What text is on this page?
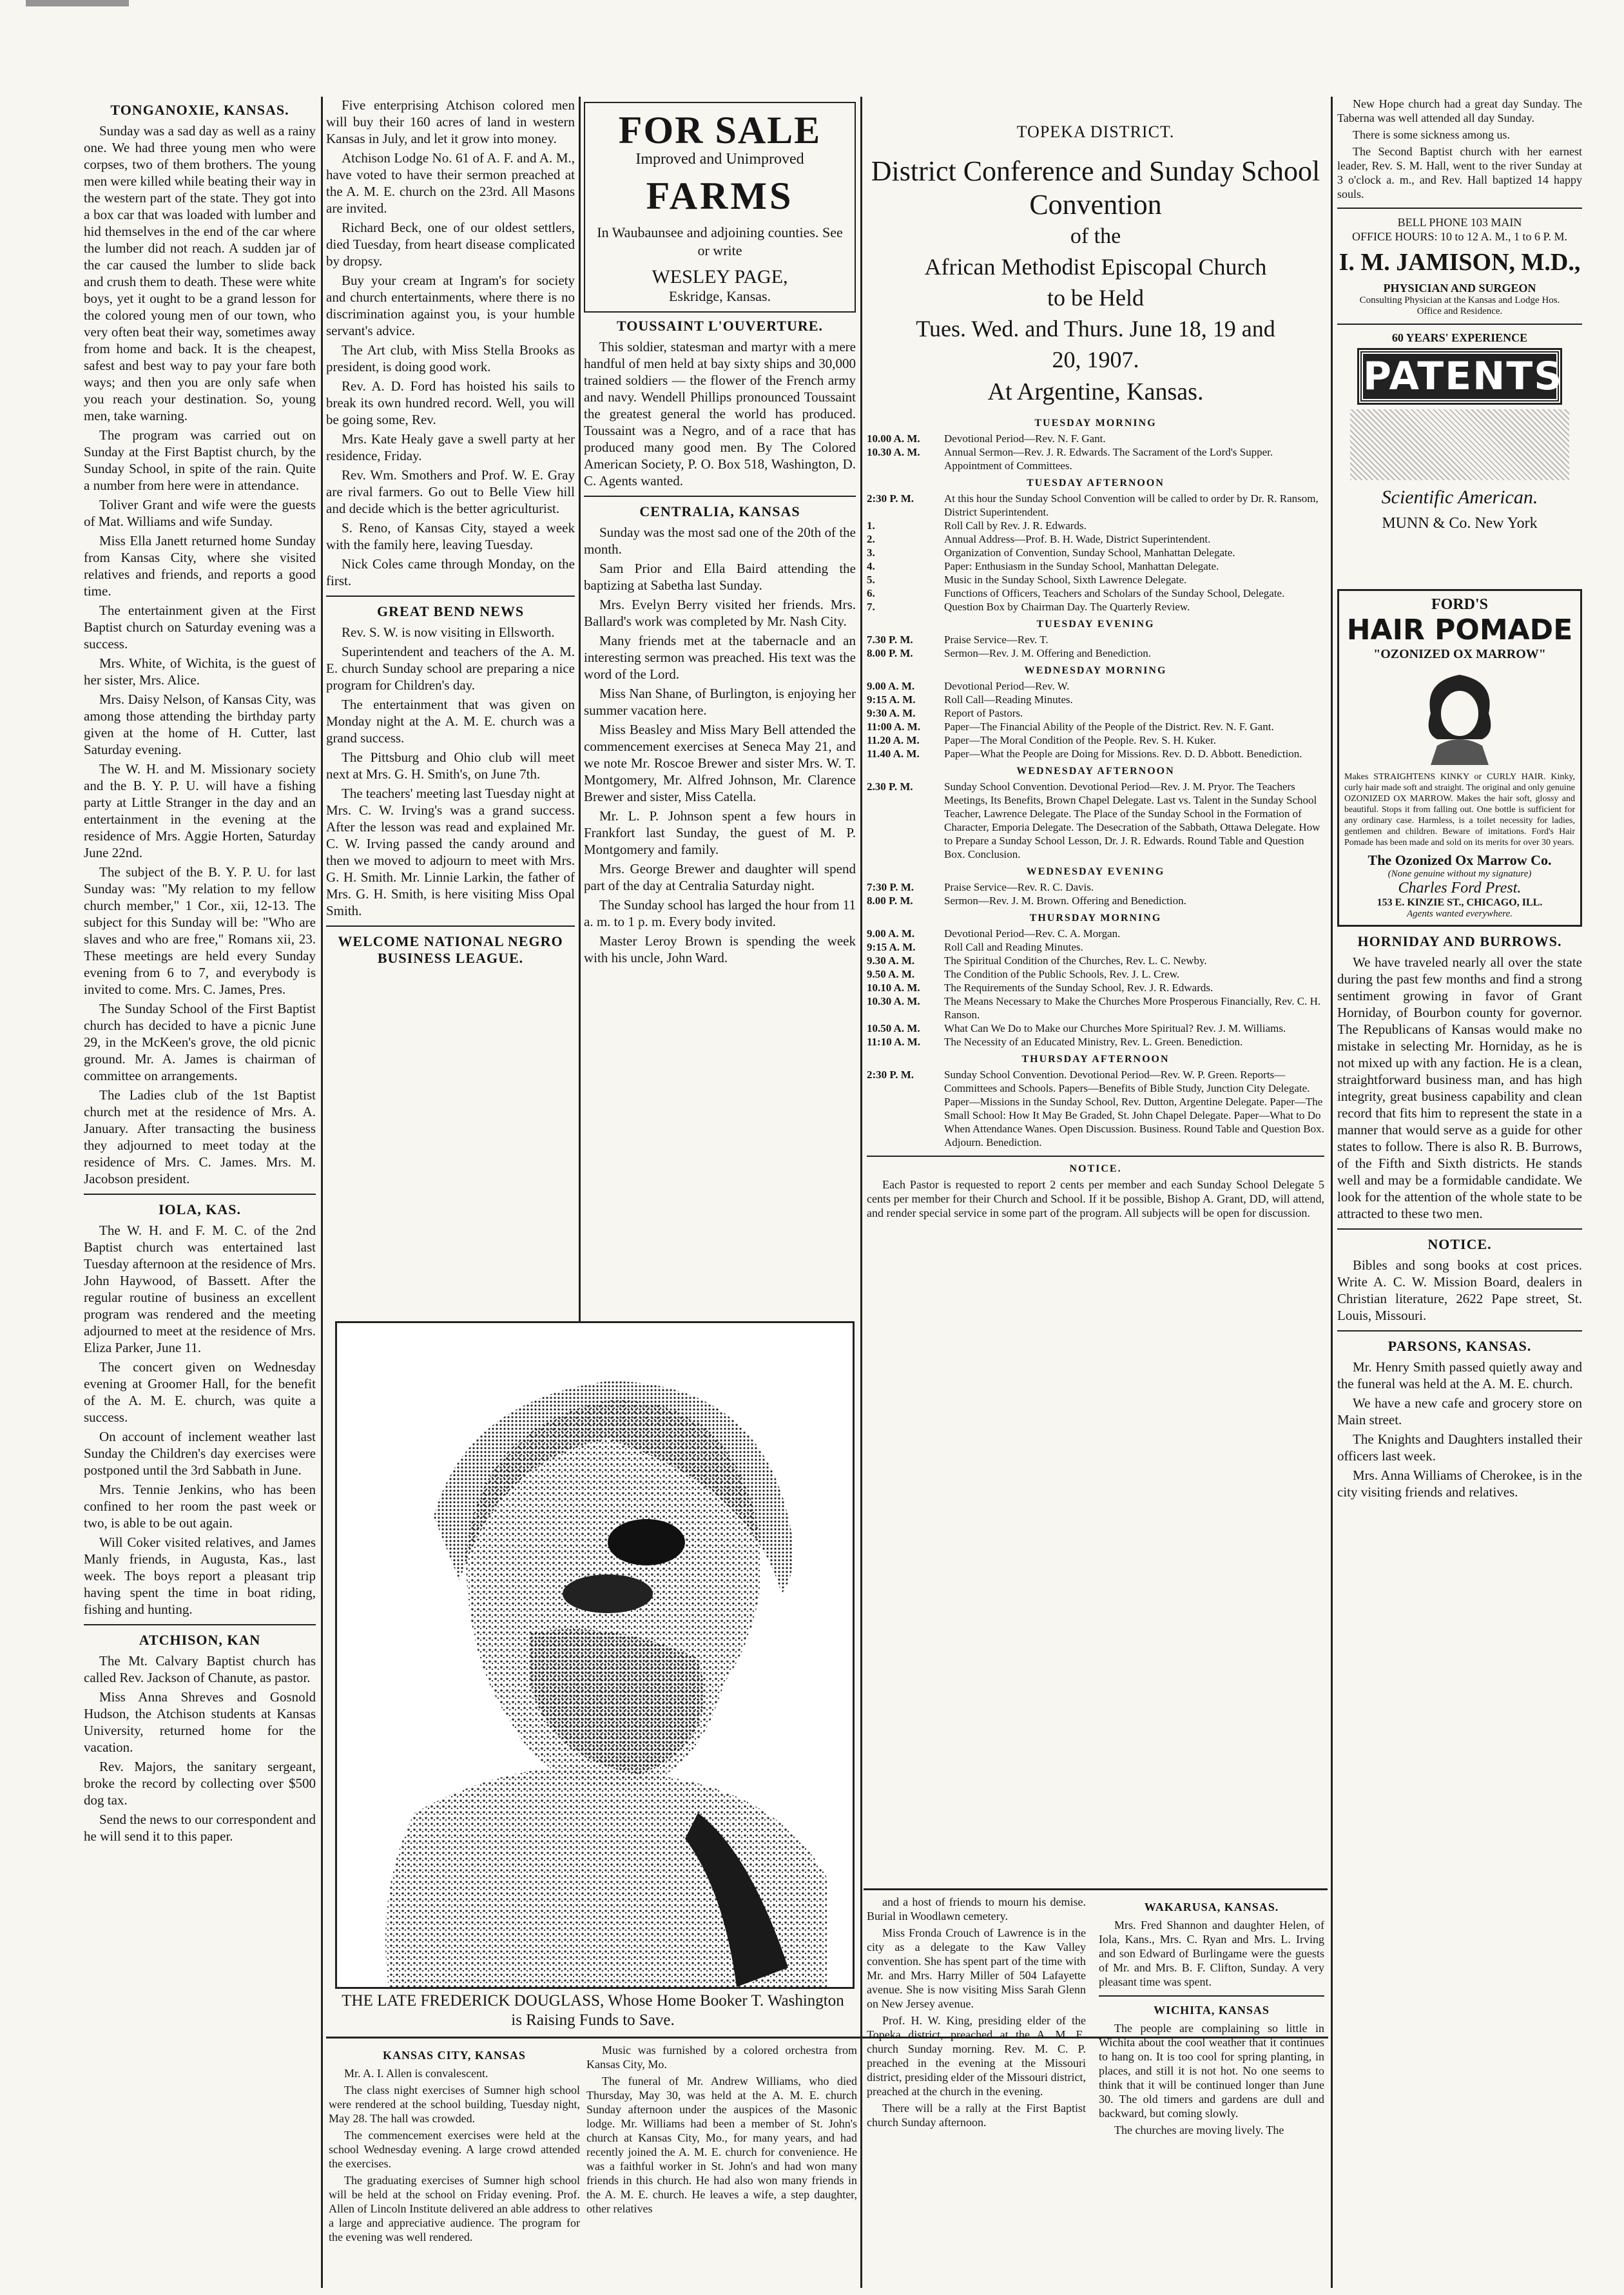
TONGANOXIE, KANSAS.
Sunday was a sad day as well as a rainy one. We had three young men who were corpses, two of them brothers. The young men were killed while beating their way in the western part of the state. They got into a box car that was loaded with lumber and hid themselves in the end of the car where the lumber did not reach. A sudden jar of the car caused the lumber to slide back and crush them to death. These were white boys, yet it ought to be a grand lesson for the colored young men of our town, who very often beat their way, sometimes away from home and back. It is the cheapest, safest and best way to pay your fare both ways; and then you are only safe when you reach your destination. So, young men, take warning.
The program was carried out on Sunday at the First Baptist church, by the Sunday School, in spite of the rain. Quite a number from here were in attendance.
Toliver Grant and wife were the guests of Mat. Williams and wife Sunday.
Miss Ella Janett returned home Sunday from Kansas City, where she visited relatives and friends, and reports a good time.
The entertainment given at the First Baptist church on Saturday evening was a success.
Mrs. White, of Wichita, is the guest of her sister, Mrs. Alice.
Mrs. Daisy Nelson, of Kansas City, was among those attending the birthday party given at the home of H. Cutter, last Saturday evening.
The W. H. and M. Missionary society and the B. Y. P. U. will have a fishing party at Little Stranger in the day and an entertainment in the evening at the residence of Mrs. Aggie Horten, Saturday June 22nd.
The subject of the B. Y. P. U. for last Sunday was: "My relation to my fellow church member," 1 Cor., xii, 12-13. The subject for this Sunday will be: "Who are slaves and who are free," Romans xii, 23. These meetings are held every Sunday evening from 6 to 7, and everybody is invited to come. Mrs. C. James, Pres.
The Sunday School of the First Baptist church has decided to have a picnic June 29, in the McKeen's grove, the old picnic ground. Mr. A. James is chairman of committee on arrangements.
The Ladies club of the 1st Baptist church met at the residence of Mrs. A. January. After transacting the business they adjourned to meet today at the residence of Mrs. C. James. Mrs. M. Jacobson president.
IOLA, KAS.
The W. H. and F. M. C. of the 2nd Baptist church was entertained last Tuesday afternoon at the residence of Mrs. John Haywood, of Bassett. After the regular routine of business an excellent program was rendered and the meeting adjourned to meet at the residence of Mrs. Eliza Parker, June 11.
The concert given on Wednesday evening at Groomer Hall, for the benefit of the A. M. E. church, was quite a success.
On account of inclement weather last Sunday the Children's day exercises were postponed until the 3rd Sabbath in June.
Mrs. Tennie Jenkins, who has been confined to her room the past week or two, is able to be out again.
Will Coker visited relatives, and James Manly friends, in Augusta, Kas., last week. The boys report a pleasant trip having spent the time in boat riding, fishing and hunting.
ATCHISON, KAN
The Mt. Calvary Baptist church has called Rev. Jackson of Chanute, as pastor.
Miss Anna Shreves and Gosnold Hudson, the Atchison students at Kansas University, returned home for the vacation.
Rev. Majors, the sanitary sergeant, broke the record by collecting over $500 dog tax.
Send the news to our correspondent and he will send it to this paper.
Five enterprising Atchison colored men will buy their 160 acres of land in western Kansas in July, and let it grow into money.
Atchison Lodge No. 61 of A. F. and A. M., have voted to have their sermon preached at the A. M. E. church on the 23rd. All Masons are invited.
Richard Beck, one of our oldest settlers, died Tuesday, from heart disease complicated by dropsy.
Buy your cream at Ingram's for society and church entertainments, where there is no discrimination against you, is your humble servant's advice.
The Art club, with Miss Stella Brooks as president, is doing good work.
Rev. A. D. Ford has hoisted his sails to break its own hundred record. Well, you will be going some, Rev.
Mrs. Kate Healy gave a swell party at her residence, Friday.
Rev. Wm. Smothers and Prof. W. E. Gray are rival farmers. Go out to Belle View hill and decide which is the better agriculturist.
S. Reno, of Kansas City, stayed a week with the family here, leaving Tuesday.
Nick Coles came through Monday, on the first.
GREAT BEND NEWS
Rev. S. W. is now visiting in Ellsworth.
Superintendent and teachers of the A. M. E. church Sunday school are preparing a nice program for Children's day.
The entertainment that was given on Monday night at the A. M. E. church was a grand success.
The Pittsburg and Ohio club will meet next at Mrs. G. H. Smith's, on June 7th.
The teachers' meeting last Tuesday night at Mrs. C. W. Irving's was a grand success. After the lesson was read and explained Mr. C. W. Irving passed the candy around and then we moved to adjourn to meet with Mrs. G. H. Smith. Mr. Linnie Larkin, the father of Mrs. G. H. Smith, is here visiting Miss Opal Smith.
WELCOME NATIONAL NEGRO BUSINESS LEAGUE.
FOR SALE
Improved and Unimproved
FARMS
In Waubaunsee and adjoining counties. See or write
WESLEY PAGE,
Eskridge, Kansas.
TOUSSAINT L'OUVERTURE.
This soldier, statesman and martyr with a mere handful of men held at bay sixty ships and 30,000 trained soldiers — the flower of the French army and navy. Wendell Phillips pronounced Toussaint the greatest general the world has produced. Toussaint was a Negro, and of a race that has produced many good men. By The Colored American Society, P. O. Box 518, Washington, D. C. Agents wanted.
CENTRALIA, KANSAS
Sunday was the most sad one of the 20th of the month.
Sam Prior and Ella Baird attending the baptizing at Sabetha last Sunday.
Mrs. Evelyn Berry visited her friends. Mrs. Ballard's work was completed by Mr. Nash City.
Many friends met at the tabernacle and an interesting sermon was preached. His text was the word of the Lord.
Miss Nan Shane, of Burlington, is enjoying her summer vacation here.
Miss Beasley and Miss Mary Bell attended the commencement exercises at Seneca May 21, and we note Mr. Roscoe Brewer and sister Mrs. W. T. Montgomery, Mr. Alfred Johnson, Mr. Clarence Brewer and sister, Miss Catella.
Mr. L. P. Johnson spent a few hours in Frankfort last Sunday, the guest of M. P. Montgomery and family.
Mrs. George Brewer and daughter will spend part of the day at Centralia Saturday night.
The Sunday school has larged the hour from 11 a. m. to 1 p. m. Every body invited.
Master Leroy Brown is spending the week with his uncle, John Ward.
THE LATE FREDERICK DOUGLASS, Whose Home Booker T. Washington is Raising Funds to Save.
KANSAS CITY, KANSAS
Mr. A. I. Allen is convalescent.
The class night exercises of Sumner high school were rendered at the school building, Tuesday night, May 28. The hall was crowded.
The commencement exercises were held at the school Wednesday evening. A large crowd attended the exercises.
The graduating exercises of Sumner high school will be held at the school on Friday evening. Prof. Allen of Lincoln Institute delivered an able address to a large and appreciative audience. The program for the evening was well rendered.
Music was furnished by a colored orchestra from Kansas City, Mo.
The funeral of Mr. Andrew Williams, who died Thursday, May 30, was held at the A. M. E. church Sunday afternoon under the auspices of the Masonic lodge. Mr. Williams had been a member of St. John's church at Kansas City, Mo., for many years, and had recently joined the A. M. E. church for convenience. He was a faithful worker in St. John's and had won many friends in this church. He had also won many friends in the A. M. E. church. He leaves a wife, a step daughter, other relatives
TOPEKA DISTRICT.
District Conference and Sunday School Convention
of the
African Methodist Episcopal Church
to be Held
Tues. Wed. and Thurs. June 18, 19 and 20, 1907.
At Argentine, Kansas.
TUESDAY MORNING
10.00 A. M.	Devotional Period—Rev. N. F. Gant.
10.30 A. M.	Annual Sermon—Rev. J. R. Edwards. The Sacrament of the Lord's Supper. Appointment of Committees.
TUESDAY AFTERNOON
2:30 P. M.	At this hour the Sunday School Convention will be called to order by Dr. R. Ransom, District Superintendent.
1.	Roll Call by Rev. J. R. Edwards.
2.	Annual Address—Prof. B. H. Wade, District Superintendent.
3.	Organization of Convention, Sunday School, Manhattan Delegate.
4.	Paper: Enthusiasm in the Sunday School, Manhattan Delegate.
5.	Music in the Sunday School, Sixth Lawrence Delegate.
6.	Functions of Officers, Teachers and Scholars of the Sunday School, Delegate.
7.	Question Box by Chairman Day. The Quarterly Review.
TUESDAY EVENING
7.30 P. M.	Praise Service—Rev. T.
8.00 P. M.	Sermon—Rev. J. M. Offering and Benediction.
WEDNESDAY MORNING
9.00 A. M.	Devotional Period—Rev. W.
9:15 A. M.	Roll Call—Reading Minutes.
9:30 A. M.	Report of Pastors.
11:00 A. M.	Paper—The Financial Ability of the People of the District. Rev. N. F. Gant.
11.20 A. M.	Paper—The Moral Condition of the People. Rev. S. H. Kuker.
11.40 A. M.	Paper—What the People are Doing for Missions. Rev. D. D. Abbott. Benediction.
WEDNESDAY AFTERNOON
2.30 P. M.	Sunday School Convention. Devotional Period—Rev. J. M. Pryor. The Teachers Meetings, Its Benefits, Brown Chapel Delegate. Last vs. Talent in the Sunday School Teacher, Lawrence Delegate. The Place of the Sunday School in the Formation of Character, Emporia Delegate. The Desecration of the Sabbath, Ottawa Delegate. How to Prepare a Sunday School Lesson, Dr. J. R. Edwards. Round Table and Question Box. Conclusion.
WEDNESDAY EVENING
7:30 P. M.	Praise Service—Rev. R. C. Davis.
8.00 P. M.	Sermon—Rev. J. M. Brown. Offering and Benediction.
THURSDAY MORNING
9.00 A. M.	Devotional Period—Rev. C. A. Morgan.
9:15 A. M.	Roll Call and Reading Minutes.
9.30 A. M.	The Spiritual Condition of the Churches, Rev. L. C. Newby.
9.50 A. M.	The Condition of the Public Schools, Rev. J. L. Crew.
10.10 A. M.	The Requirements of the Sunday School, Rev. J. R. Edwards.
10.30 A. M.	The Means Necessary to Make the Churches More Prosperous Financially, Rev. C. H. Ranson.
10.50 A. M.	What Can We Do to Make our Churches More Spiritual? Rev. J. M. Williams.
11:10 A. M.	The Necessity of an Educated Ministry, Rev. L. Green. Benediction.
THURSDAY AFTERNOON
2:30 P. M.	Sunday School Convention. Devotional Period—Rev. W. P. Green. Reports—Committees and Schools. Papers—Benefits of Bible Study, Junction City Delegate. Paper—Missions in the Sunday School, Rev. Dutton, Argentine Delegate. Paper—The Small School: How It May Be Graded, St. John Chapel Delegate. Paper—What to Do When Attendance Wanes. Open Discussion. Business. Round Table and Question Box. Adjourn. Benediction.
NOTICE.
Each Pastor is requested to report 2 cents per member and each Sunday School Delegate 5 cents per member for their Church and School. If it be possible, Bishop A. Grant, DD, will attend, and render special service in some part of the program. All subjects will be open for discussion.
and a host of friends to mourn his demise. Burial in Woodlawn cemetery.
Miss Fronda Crouch of Lawrence is in the city as a delegate to the Kaw Valley convention. She has spent part of the time with Mr. and Mrs. Harry Miller of 504 Lafayette avenue. She is now visiting Miss Sarah Glenn on New Jersey avenue.
Prof. H. W. King, presiding elder of the Topeka district, preached at the A. M. E. church Sunday morning. Rev. M. C. P. preached in the evening at the Missouri district, presiding elder of the Missouri district, preached at the church in the evening.
There will be a rally at the First Baptist church Sunday afternoon.
WAKARUSA, KANSAS.
Mrs. Fred Shannon and daughter Helen, of Iola, Kans., Mrs. C. Ryan and Mrs. L. Irving and son Edward of Burlingame were the guests of Mr. and Mrs. B. F. Clifton, Sunday. A very pleasant time was spent.
WICHITA, KANSAS
The people are complaining so little in Wichita about the cool weather that it continues to hang on. It is too cool for spring planting, in places, and still it is not hot. No one seems to think that it will be continued longer than June 30. The old timers and gardens are dull and backward, but coming slowly.
The churches are moving lively. The
New Hope church had a great day Sunday. The Taberna was well attended all day Sunday.
There is some sickness among us.
The Second Baptist church with her earnest leader, Rev. S. M. Hall, went to the river Sunday at 3 o'clock a. m., and Rev. Hall baptized 14 happy souls.
BELL PHONE 103 MAIN
OFFICE HOURS: 10 to 12 A. M., 1 to 6 P. M.
I. M. JAMISON, M.D.,
PHYSICIAN AND SURGEON
Consulting Physician at the Kansas and Lodge Hos.
Office and Residence.
60 YEARS' EXPERIENCE
PATENTS
Scientific American.
MUNN & Co. New York
FORD'S
HAIR POMADE
"OZONIZED OX MARROW"
Makes STRAIGHTENS KINKY or CURLY HAIR. Kinky, curly hair made soft and straight. The original and only genuine OZONIZED OX MARROW. Makes the hair soft, glossy and beautiful. Stops it from falling out. One bottle is sufficient for any ordinary case. Harmless, is a toilet necessity for ladies, gentlemen and children. Beware of imitations. Ford's Hair Pomade has been made and sold on its merits for over 30 years.
The Ozonized Ox Marrow Co.
(None genuine without my signature)
Charles Ford Prest.
153 E. KINZIE ST., CHICAGO, ILL.
Agents wanted everywhere.
HORNIDAY AND BURROWS.
We have traveled nearly all over the state during the past few months and find a strong sentiment growing in favor of Grant Horniday, of Bourbon county for governor. The Republicans of Kansas would make no mistake in selecting Mr. Horniday, as he is not mixed up with any faction. He is a clean, straightforward business man, and has high integrity, great business capability and clean record that fits him to represent the state in a manner that would serve as a guide for other states to follow. There is also R. B. Burrows, of the Fifth and Sixth districts. He stands well and may be a formidable candidate. We look for the attention of the whole state to be attracted to these two men.
NOTICE.
Bibles and song books at cost prices. Write A. C. W. Mission Board, dealers in Christian literature, 2622 Pape street, St. Louis, Missouri.
PARSONS, KANSAS.
Mr. Henry Smith passed quietly away and the funeral was held at the A. M. E. church.
We have a new cafe and grocery store on Main street.
The Knights and Daughters installed their officers last week.
Mrs. Anna Williams of Cherokee, is in the city visiting friends and relatives.
